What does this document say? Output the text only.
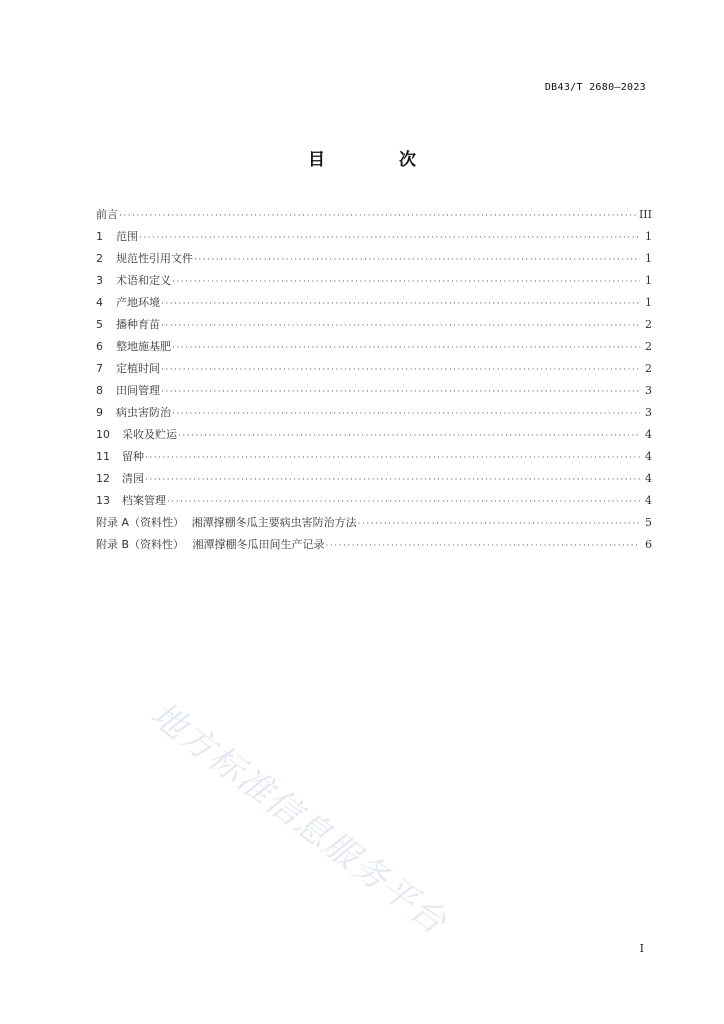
DB43/T 2680—2023
目 次
前言 ·····	III
1	范围 ·····	1
2	规范性引用文件 ·····	1
3	术语和定义 ·····	1
4	产地环境 ·····	1
5	播种育苗 ·····	2
6	整地施基肥 ·····	2
7	定植时间 ·····	2
8	田间管理 ·····	3
9	病虫害防治 ·····	3
10	采收及贮运 ·····	4
11	留种 ·····	4
12	清园 ·····	4
13	档案管理 ·····	4
附录 A（资料性） 湘潭撑棚冬瓜主要病虫害防治方法 ·····	5
附录 B（资料性） 湘潭撑棚冬瓜田间生产记录 ·····	6
地方标准信息服务平台
I
